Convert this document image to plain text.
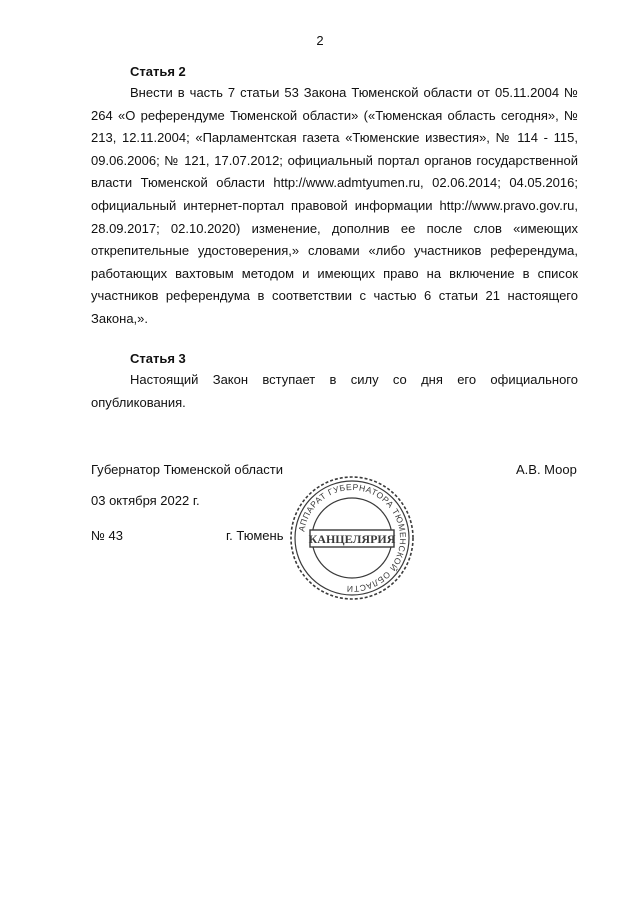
2
Статья 2
Внести в часть 7 статьи 53 Закона Тюменской области от 05.11.2004 № 264 «О референдуме Тюменской области» («Тюменская область сегодня», № 213, 12.11.2004; «Парламентская газета «Тюменские известия», № 114 - 115, 09.06.2006; № 121, 17.07.2012; официальный портал органов государственной власти Тюменской области http://www.admtyumen.ru, 02.06.2014; 04.05.2016; официальный интернет-портал правовой информации http://www.pravo.gov.ru, 28.09.2017; 02.10.2020) изменение, дополнив ее после слов «имеющих открепительные удостоверения,» словами «либо участников референдума, работающих вахтовым методом и имеющих право на включение в список участников референдума в соответствии с частью 6 статьи 21 настоящего Закона,».
Статья 3
Настоящий Закон вступает в силу со дня его официального опубликования.
Губернатор Тюменской области	А.В. Моор
03 октября 2022 г.
№ 43	г. Тюмень АППАРАТ ГУБЕРНАТОРА ТЮМЕНСКОЙ ОБЛАСТИ
КАНЦЕЛЯРИЯ
